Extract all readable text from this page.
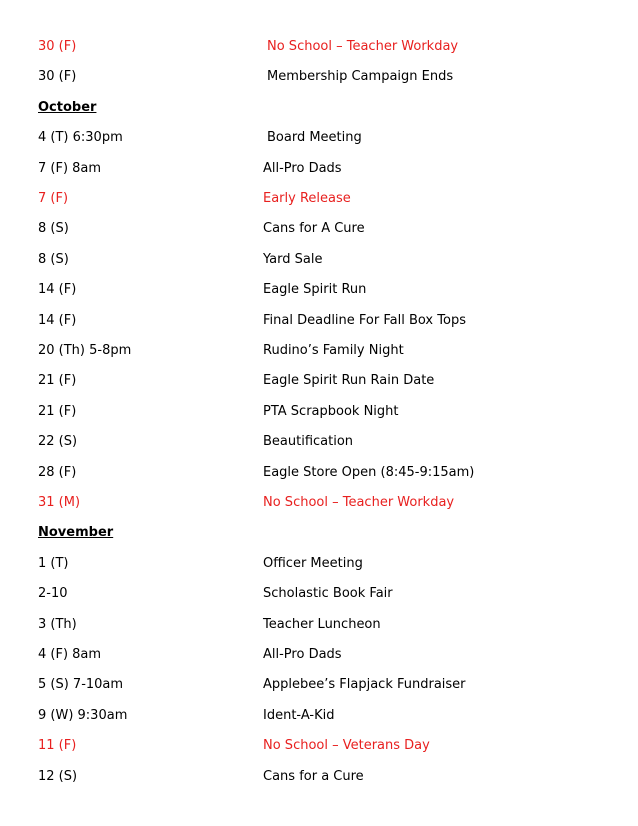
30 (F)	No School – Teacher Workday
30 (F)	Membership Campaign Ends
October
4 (T) 6:30pm	Board Meeting
7 (F) 8am	All-Pro Dads
7 (F)	Early Release
8 (S)	Cans for A Cure
8 (S)	Yard Sale
14 (F)	Eagle Spirit Run
14 (F)	Final Deadline For Fall Box Tops
20 (Th) 5-8pm	Rudino’s Family Night
21 (F)	Eagle Spirit Run Rain Date
21 (F)	PTA Scrapbook Night
22 (S)	Beautification
28 (F)	Eagle Store Open (8:45-9:15am)
31 (M)	No School – Teacher Workday
November
1 (T)	Officer Meeting
2-10	Scholastic Book Fair
3 (Th)	Teacher Luncheon
4 (F) 8am	All-Pro Dads
5 (S) 7-10am	Applebee’s Flapjack Fundraiser
9 (W) 9:30am	Ident-A-Kid
11 (F)	No School – Veterans Day
12 (S)	Cans for a Cure
